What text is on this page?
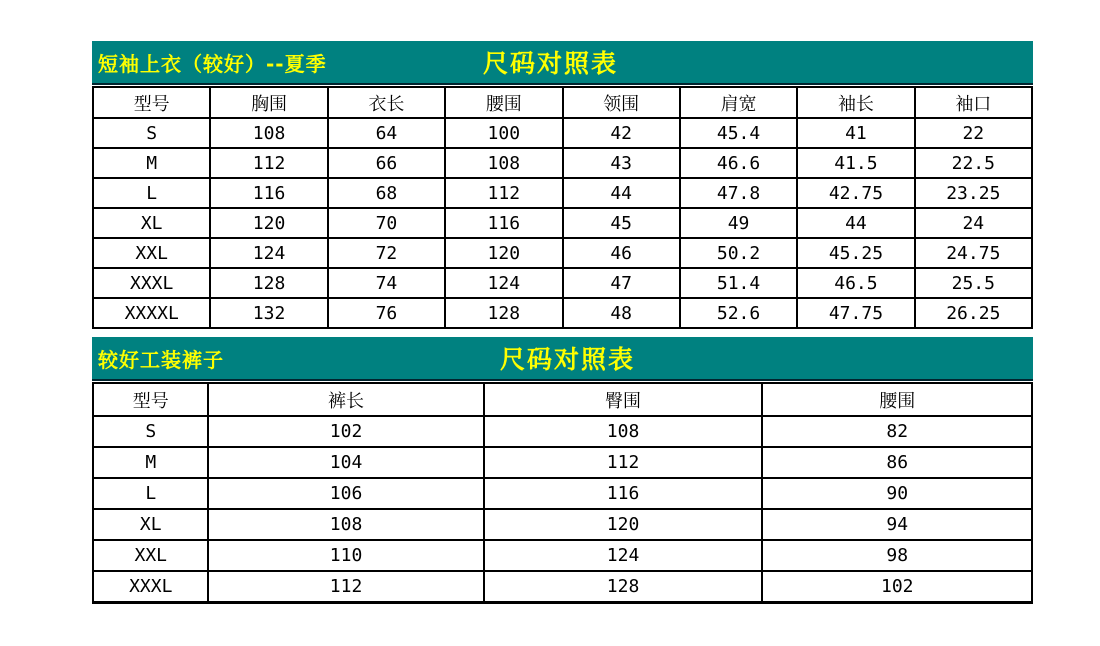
短袖上衣（较好）--夏季	尺码对照表
型号	胸围	衣长	腰围	领围	肩宽	袖长	袖口
S	108	64	100	42	45.4	41	22
M	112	66	108	43	46.6	41.5	22.5
L	116	68	112	44	47.8	42.75	23.25
XL	120	70	116	45	49	44	24
XXL	124	72	120	46	50.2	45.25	24.75
XXXL	128	74	124	47	51.4	46.5	25.5
XXXXL	132	76	128	48	52.6	47.75	26.25
较好工装裤子	尺码对照表
型号	裤长	臀围	腰围
S	102	108	82
M	104	112	86
L	106	116	90
XL	108	120	94
XXL	110	124	98
XXXL	112	128	102
